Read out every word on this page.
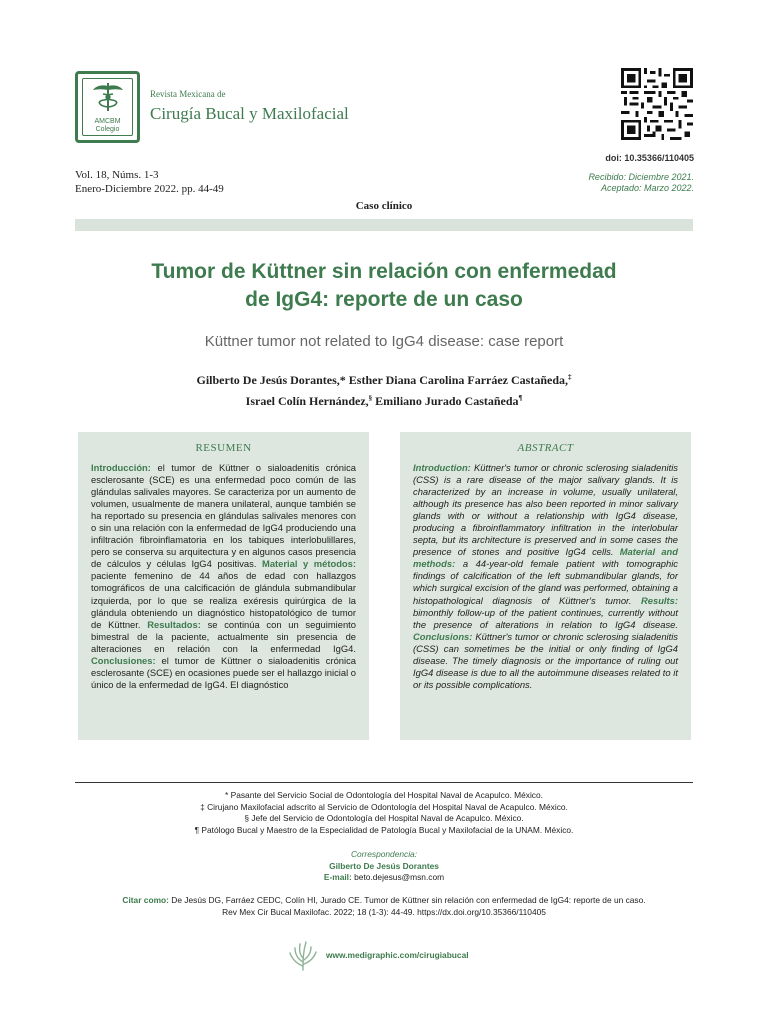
AMCBM
Colegio
Revista Mexicana de
Cirugía Bucal y Maxilofacial
doi: 10.35366/110405
Recibido: Diciembre 2021.
Aceptado: Marzo 2022.
Vol. 18, Núms. 1-3
Enero-Diciembre 2022. pp. 44-49
Caso clínico
Tumor de Küttner sin relación con enfermedad
de IgG4: reporte de un caso
Küttner tumor not related to IgG4 disease: case report
Gilberto De Jesús Dorantes,* Esther Diana Carolina Farráez Castañeda,‡
Israel Colín Hernández,§ Emiliano Jurado Castañeda¶
RESUMEN

Introducción: el tumor de Küttner o sialoadenitis crónica esclerosante (SCE) es una enfermedad poco común de las glándulas salivales mayores. Se caracteriza por un aumento de volumen, usualmente de manera unilateral, aunque también se ha reportado su presencia en glándulas salivales menores con o sin una relación con la enfermedad de IgG4 produciendo una infiltración fibroinflamatoria en los tabiques interlobulillares, pero se conserva su arquitectura y en algunos casos presencia de cálculos y células IgG4 positivas. Material y métodos: paciente femenino de 44 años de edad con hallazgos tomográficos de una calcificación de glándula submandibular izquierda, por lo que se realiza exéresis quirúrgica de la glándula obteniendo un diagnóstico histopatológico de tumor de Küttner. Resultados: se continúa con un seguimiento bimestral de la paciente, actualmente sin presencia de alteraciones en relación con la enfermedad IgG4. Conclusiones: el tumor de Küttner o sialoadenitis crónica esclerosante (SCE) en ocasiones puede ser el hallazgo inicial o único de la enfermedad de IgG4. El diagnóstico

ABSTRACT

Introduction: Küttner's tumor or chronic sclerosing sialadenitis (CSS) is a rare disease of the major salivary glands. It is characterized by an increase in volume, usually unilateral, although its presence has also been reported in minor salivary glands with or without a relationship with IgG4 disease, producing a fibroinflammatory infiltration in the interlobular septa, but its architecture is preserved and in some cases the presence of stones and positive IgG4 cells. Material and methods: a 44-year-old female patient with tomographic findings of calcification of the left submandibular glands, for which surgical excision of the gland was performed, obtaining a histopathological diagnosis of Küttner's tumor. Results: bimonthly follow-up of the patient continues, currently without the presence of alterations in relation to IgG4 disease. Conclusions: Küttner's tumor or chronic sclerosing sialadenitis (CSS) can sometimes be the initial or only finding of IgG4 disease. The timely diagnosis or the importance of ruling out IgG4 disease is due to all the autoimmune diseases related to it or its possible complications.

* Pasante del Servicio Social de Odontología del Hospital Naval de Acapulco. México.
‡ Cirujano Maxilofacial adscrito al Servicio de Odontología del Hospital Naval de Acapulco. México.
§ Jefe del Servicio de Odontología del Hospital Naval de Acapulco. México.
¶ Patólogo Bucal y Maestro de la Especialidad de Patología Bucal y Maxilofacial de la UNAM. México.
Correspondencia:
Gilberto De Jesús Dorantes
E-mail: beto.dejesus@msn.com
Citar como: De Jesús DG, Farráez CEDC, Colín HI, Jurado CE. Tumor de Küttner sin relación con enfermedad de IgG4: reporte de un caso.
Rev Mex Cir Bucal Maxilofac. 2022; 18 (1-3): 44-49. https://dx.doi.org/10.35366/110405
www.medigraphic.com/cirugiabucal
